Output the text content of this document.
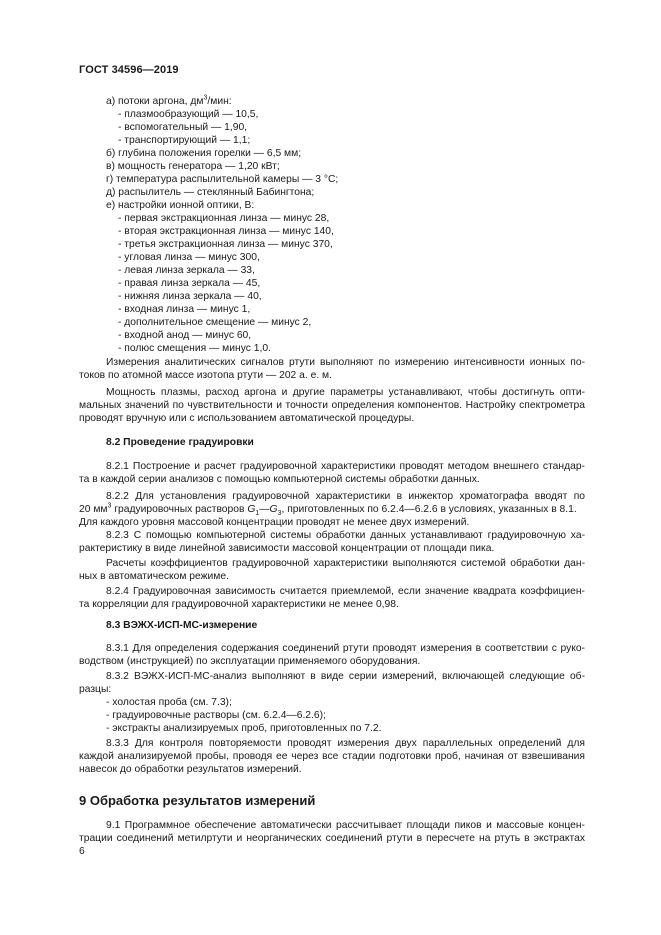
ГОСТ 34596—2019
а) потоки аргона, $дм^3$/мин:
- плазмообразующий — 10,5,
- вспомогательный — 1,90,
- транспортирующий — 1,1;
б) глубина положения горелки — 6,5 мм;
в) мощность генератора — 1,20 кВт;
г) температура распылительной камеры — 3 °С;
д) распылитель — стеклянный Бабингтона;
е) настройки ионной оптики, В:
- первая экстракционная линза — минус 28,
- вторая экстракционная линза — минус 140,
- третья экстракционная линза — минус 370,
- угловая линза — минус 300,
- левая линза зеркала — 33,
- правая линза зеркала — 45,
- нижняя линза зеркала — 40,
- входная линза — минус 1,
- дополнительное смещение — минус 2,
- входной анод — минус 60,
- полюс смещения — минус 1,0.
Измерения аналитических сигналов ртути выполняют по измерению интенсивности ионных по-
токов по атомной массе изотопа ртути — 202 а. е. м.
Мощность плазмы, расход аргона и другие параметры устанавливают, чтобы достигнуть опти-
мальных значений по чувствительности и точности определения компонентов. Настройку спектрометра
проводят вручную или с использованием автоматической процедуры.
8.2 Проведение градуировки
8.2.1 Построение и расчет градуировочной характеристики проводят методом внешнего стандар-
та в каждой серии анализов с помощью компьютерной системы обработки данных.
8.2.2 Для установления градуировочной характеристики в инжектор хроматографа вводят по
20 $мм^3$ градуировочных растворов $G_1—G_3$, приготовленных по 6.2.4—6.2.6 в условиях, указанных в 8.1.
Для каждого уровня массовой концентрации проводят не менее двух измерений.
8.2.3 С помощью компьютерной системы обработки данных устанавливают градуировочную ха-
рактеристику в виде линейной зависимости массовой концентрации от площади пика.
Расчеты коэффициентов градуировочной характеристики выполняются системой обработки дан-
ных в автоматическом режиме.
8.2.4 Градуировочная зависимость считается приемлемой, если значение квадрата коэффициен-
та корреляции для градуировочной характеристики не менее 0,98.
8.3 ВЭЖХ-ИСП-МС-измерение
8.3.1 Для определения содержания соединений ртути проводят измерения в соответствии с руко-
водством (инструкцией) по эксплуатации применяемого оборудования.
8.3.2 ВЭЖХ-ИСП-МС-анализ выполняют в виде серии измерений, включающей следующие об-
разцы:
- холостая проба (см. 7.3);
- градуировочные растворы (см. 6.2.4—6.2.6);
- экстракты анализируемых проб, приготовленных по 7.2.
8.3.3 Для контроля повторяемости проводят измерения двух параллельных определений для
каждой анализируемой пробы, проводя ее через все стадии подготовки проб, начиная от взвешивания
навесок до обработки результатов измерений.
9 Обработка результатов измерений
9.1 Программное обеспечение автоматически рассчитывает площади пиков и массовые концен-
трации соединений метилртути и неорганических соединений ртути в пересчете на ртуть в экстрактах
6
